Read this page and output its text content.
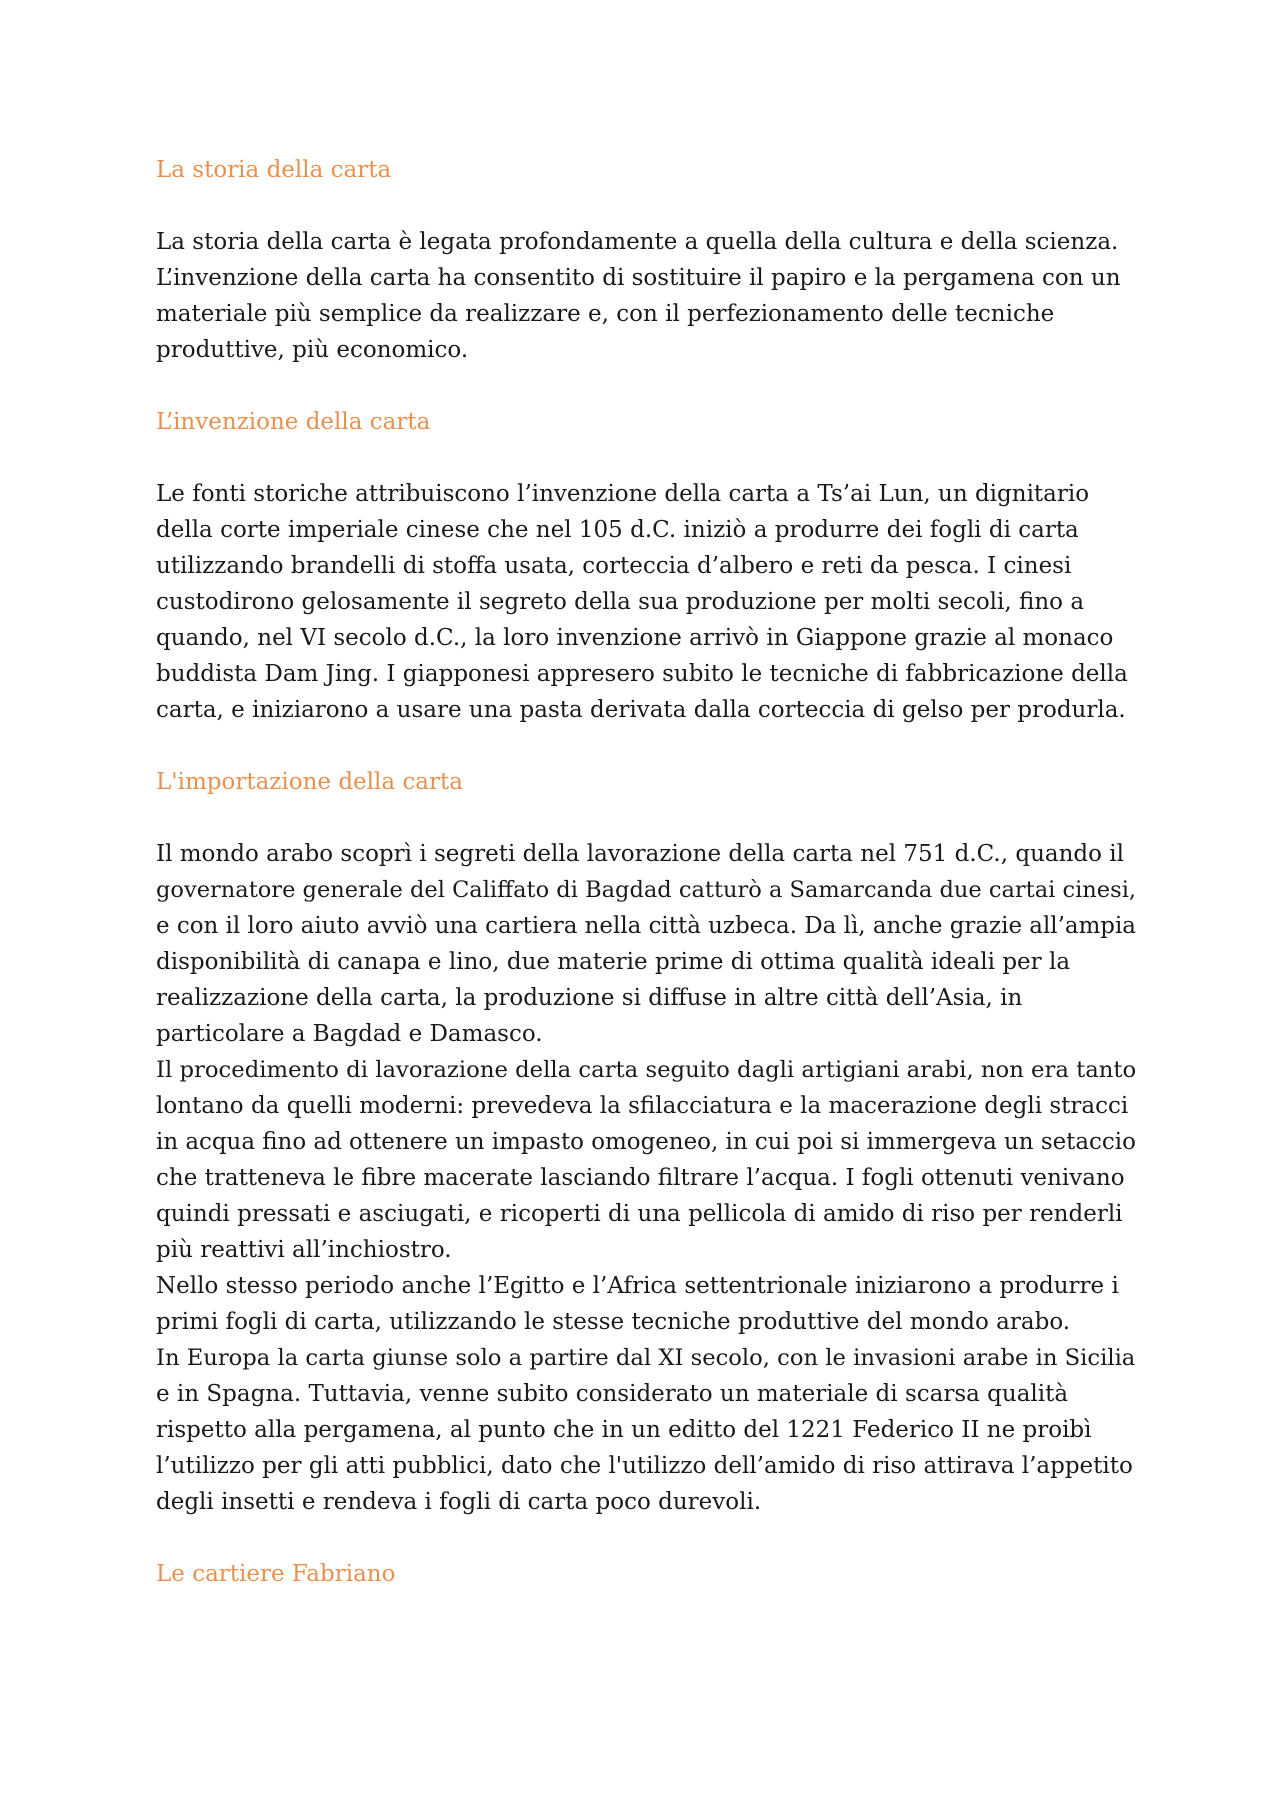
La storia della carta
La storia della carta è legata profondamente a quella della cultura e della scienza.
L’invenzione della carta ha consentito di sostituire il papiro e la pergamena con un
materiale più semplice da realizzare e, con il perfezionamento delle tecniche
produttive, più economico.
L’invenzione della carta
Le fonti storiche attribuiscono l’invenzione della carta a Ts’ai Lun, un dignitario
della corte imperiale cinese che nel 105 d.C. iniziò a produrre dei fogli di carta
utilizzando brandelli di stoffa usata, corteccia d’albero e reti da pesca. I cinesi
custodirono gelosamente il segreto della sua produzione per molti secoli, fino a
quando, nel VI secolo d.C., la loro invenzione arrivò in Giappone grazie al monaco
buddista Dam Jing. I giapponesi appresero subito le tecniche di fabbricazione della
carta, e iniziarono a usare una pasta derivata dalla corteccia di gelso per produrla.
L'importazione della carta
Il mondo arabo scoprì i segreti della lavorazione della carta nel 751 d.C., quando il
governatore generale del Califfato di Bagdad catturò a Samarcanda due cartai cinesi,
e con il loro aiuto avviò una cartiera nella città uzbeca. Da lì, anche grazie all’ampia
disponibilità di canapa e lino, due materie prime di ottima qualità ideali per la
realizzazione della carta, la produzione si diffuse in altre città dell’Asia, in
particolare a Bagdad e Damasco.
Il procedimento di lavorazione della carta seguito dagli artigiani arabi, non era tanto
lontano da quelli moderni: prevedeva la sfilacciatura e la macerazione degli stracci
in acqua fino ad ottenere un impasto omogeneo, in cui poi si immergeva un setaccio
che tratteneva le fibre macerate lasciando filtrare l’acqua. I fogli ottenuti venivano
quindi pressati e asciugati, e ricoperti di una pellicola di amido di riso per renderli
più reattivi all’inchiostro.
Nello stesso periodo anche l’Egitto e l’Africa settentrionale iniziarono a produrre i
primi fogli di carta, utilizzando le stesse tecniche produttive del mondo arabo.
In Europa la carta giunse solo a partire dal XI secolo, con le invasioni arabe in Sicilia
e in Spagna. Tuttavia, venne subito considerato un materiale di scarsa qualità
rispetto alla pergamena, al punto che in un editto del 1221 Federico II ne proibì
l’utilizzo per gli atti pubblici, dato che l'utilizzo dell’amido di riso attirava l’appetito
degli insetti e rendeva i fogli di carta poco durevoli.
Le cartiere Fabriano
